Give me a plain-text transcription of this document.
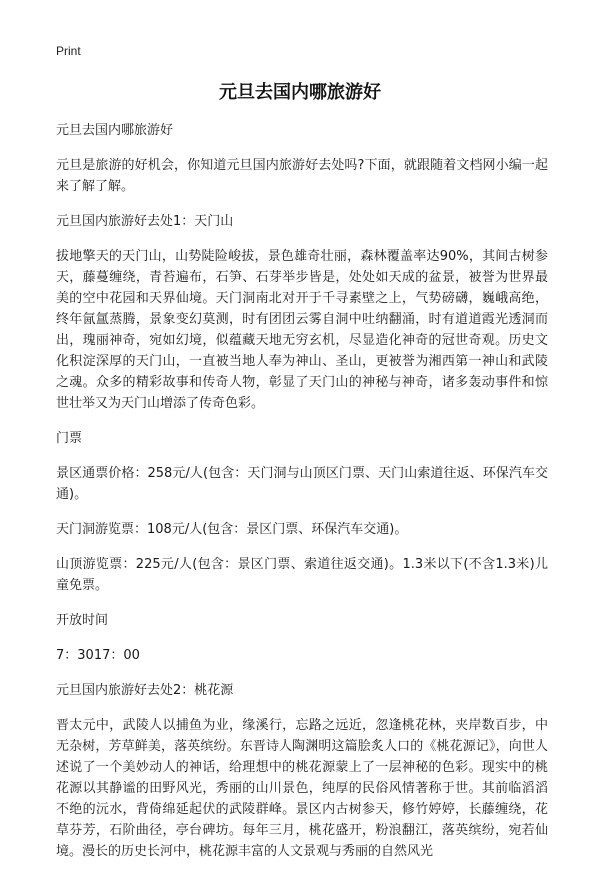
Print
元旦去国内哪旅游好

元旦去国内哪旅游好

元旦是旅游的好机会，你知道元旦国内旅游好去处吗?下面，就跟随着文档网小编一起来了解了解。

元旦国内旅游好去处1：天门山

拔地擎天的天门山，山势陡险峻拔，景色雄奇壮丽，森林覆盖率达90%，其间古树参天，藤蔓缠绕，青苔遍布，石笋、石芽举步皆是，处处如天成的盆景，被誉为世界最美的空中花园和天界仙境。天门洞南北对开于千寻素壁之上，气势磅礴，巍峨高绝，终年氤氲蒸腾，景象变幻莫测，时有团团云雾自洞中吐纳翻涌，时有道道霞光透洞而出，瑰丽神奇，宛如幻境，似蕴藏天地无穷玄机，尽显造化神奇的冠世奇观。历史文化积淀深厚的天门山，一直被当地人奉为神山、圣山，更被誉为湘西第一神山和武陵之魂。众多的精彩故事和传奇人物，彰显了天门山的神秘与神奇，诸多轰动事件和惊世壮举又为天门山增添了传奇色彩。

门票

景区通票价格：258元/人(包含：天门洞与山顶区门票、天门山索道往返、环保汽车交通)。

天门洞游览票：108元/人(包含：景区门票、环保汽车交通)。

山顶游览票：225元/人(包含：景区门票、索道往返交通)。1.3米以下(不含1.3米)儿童免票。

开放时间

7：3017：00

元旦国内旅游好去处2：桃花源

晋太元中，武陵人以捕鱼为业，缘溪行，忘路之远近，忽逢桃花林，夹岸数百步，中无杂树，芳草鲜美，落英缤纷。东晋诗人陶渊明这篇脍炙人口的《桃花源记》，向世人述说了一个美妙动人的神话，给理想中的桃花源蒙上了一层神秘的色彩。现实中的桃花源以其静谧的田野风光，秀丽的山川景色，纯厚的民俗风情著称于世。其前临滔滔不绝的沅水，背倚绵延起伏的武陵群峰。景区内古树参天，修竹婷婷，长藤缠绕，花草芬芳，石阶曲径，亭台碑坊。每年三月，桃花盛开，粉浪翻江，落英缤纷，宛若仙境。漫长的历史长河中，桃花源丰富的人文景观与秀丽的自然风光
